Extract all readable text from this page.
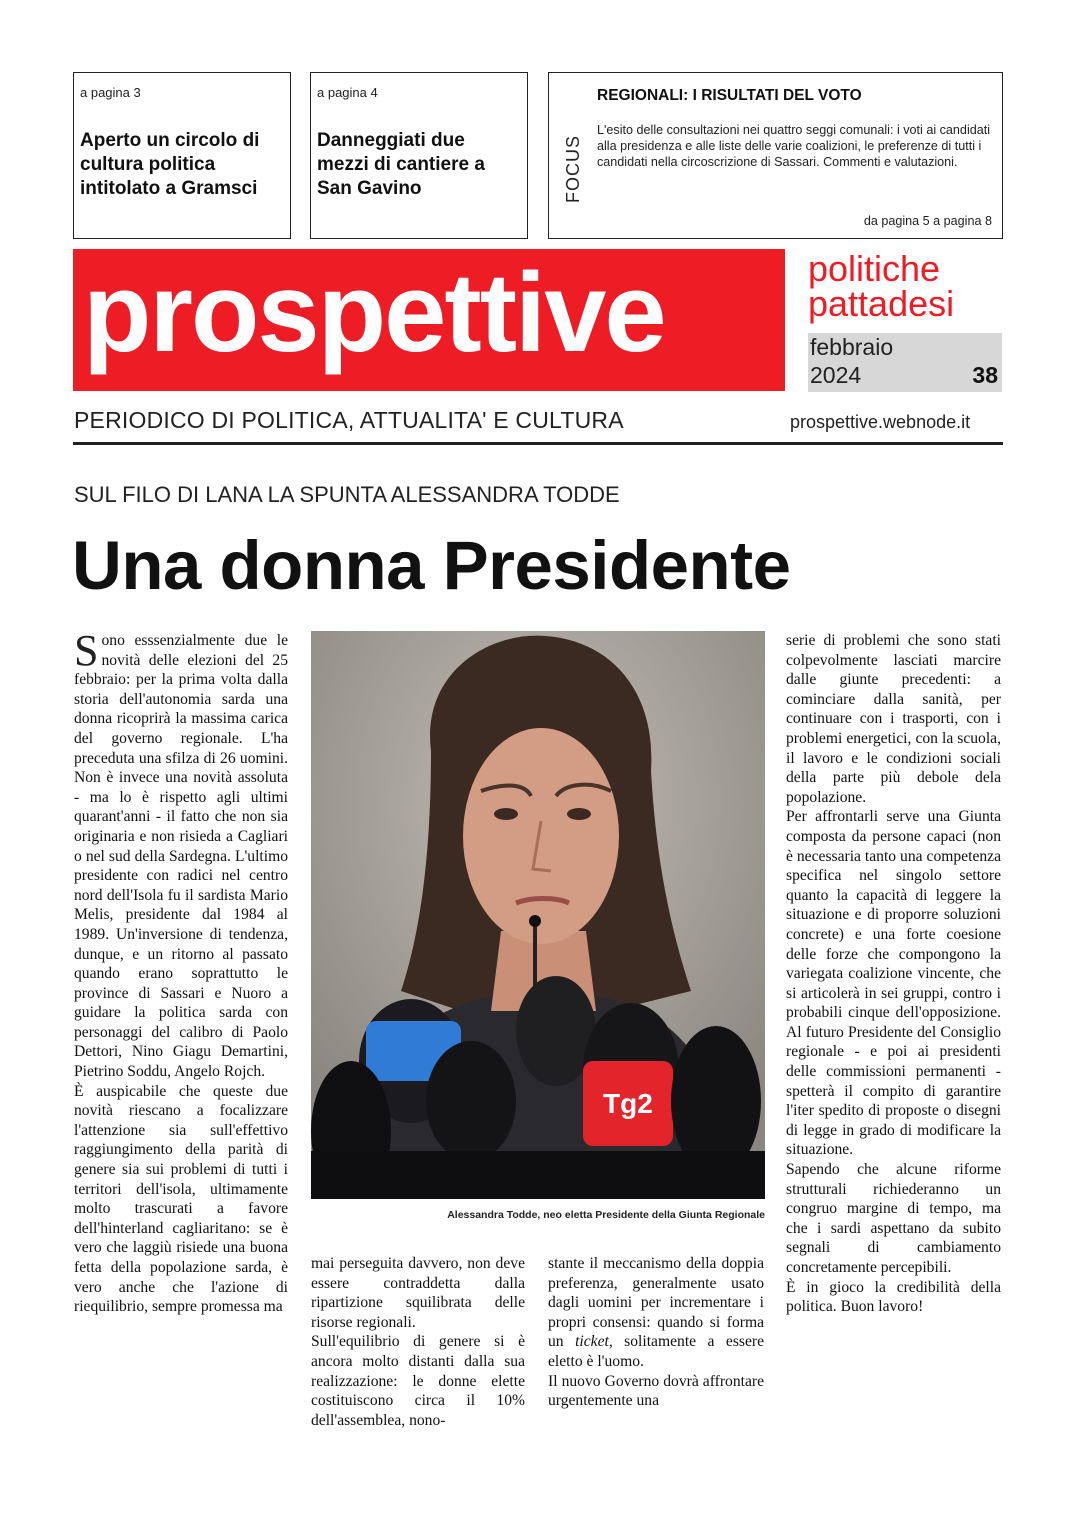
a pagina 3
Aperto un circolo di cultura politica intitolato a Gramsci
a pagina 4
Danneggiati due mezzi di cantiere a San Gavino	FOCUS
REGIONALI: I RISULTATI DEL VOTO
L'esito delle consultazioni nei quattro seggi comunali: i voti ai candidati alla presidenza e alle liste delle varie coalizioni, le preferenze di tutti i candidati nella circoscrizione di Sassari. Commenti e valutazioni.
da pagina 5 a pagina 8
prospettive	politiche
pattadesi
febbraio
2024	38
PERIODICO DI POLITICA, ATTUALITA' E CULTURA	prospettive.webnode.it
SUL FILO DI LANA LA SPUNTA ALESSANDRA TODDE
Una donna Presidente

Sono esssenzialmente due le novità delle elezioni del 25 febbraio: per la prima volta dalla storia dell'autonomia sarda una donna ricoprirà la massima carica del governo regionale. L'ha preceduta una sfilza di 26 uomini. Non è invece una novità assoluta - ma lo è rispetto agli ultimi quarant'anni - il fatto che non sia originaria e non risieda a Cagliari o nel sud della Sardegna. L'ultimo presidente con radici nel centro nord dell'Isola fu il sardista Mario Melis, presidente dal 1984 al 1989. Un'inversione di tendenza, dunque, e un ritorno al passato quando erano soprattutto le province di Sassari e Nuoro a guidare la politica sarda con personaggi del calibro di Paolo Dettori, Nino Giagu Demartini, Pietrino Soddu, Angelo Rojch.

È auspicabile che queste due novità riescano a focalizzare l'attenzione sia sull'effettivo raggiungimento della parità di genere sia sui problemi di tutti i territori dell'isola, ultimamente molto trascurati a favore dell'hinterland cagliaritano: se è vero che laggiù risiede una buona fetta della popolazione sarda, è vero anche che l'azione di riequilibrio, sempre promessa ma

Tg2
Alessandra Todde, neo eletta Presidente della Giunta Regionale

mai perseguita davvero, non deve essere contraddetta dalla ripartizione squilibrata delle risorse regionali.

Sull'equilibrio di genere si è ancora molto distanti dalla sua realizzazione: le donne elette costituiscono circa il 10% dell'assemblea, nono-

stante il meccanismo della doppia preferenza, generalmente usato dagli uomini per incrementare i propri consensi: quando si forma un ticket, solitamente a essere eletto è l'uomo.

Il nuovo Governo dovrà affrontare urgentemente una

serie di problemi che sono stati colpevolmente lasciati marcire dalle giunte precedenti: a cominciare dalla sanità, per continuare con i trasporti, con i problemi energetici, con la scuola, il lavoro e le condizioni sociali della parte più debole dela popolazione.

Per affrontarli serve una Giunta composta da persone capaci (non è necessaria tanto una competenza specifica nel singolo settore quanto la capacità di leggere la situazione e di proporre soluzioni concrete) e una forte coesione delle forze che compongono la variegata coalizione vincente, che si articolerà in sei gruppi, contro i probabili cinque dell'opposizione. Al futuro Presidente del Consiglio regionale - e poi ai presidenti delle commissioni permanenti - spetterà il compito di garantire l'iter spedito di proposte o disegni di legge in grado di modificare la situazione.

Sapendo che alcune riforme strutturali richiederanno un congruo margine di tempo, ma che i sardi aspettano da subito segnali di cambiamento concretamente percepibili.

È in gioco la credibilità della politica. Buon lavoro!
